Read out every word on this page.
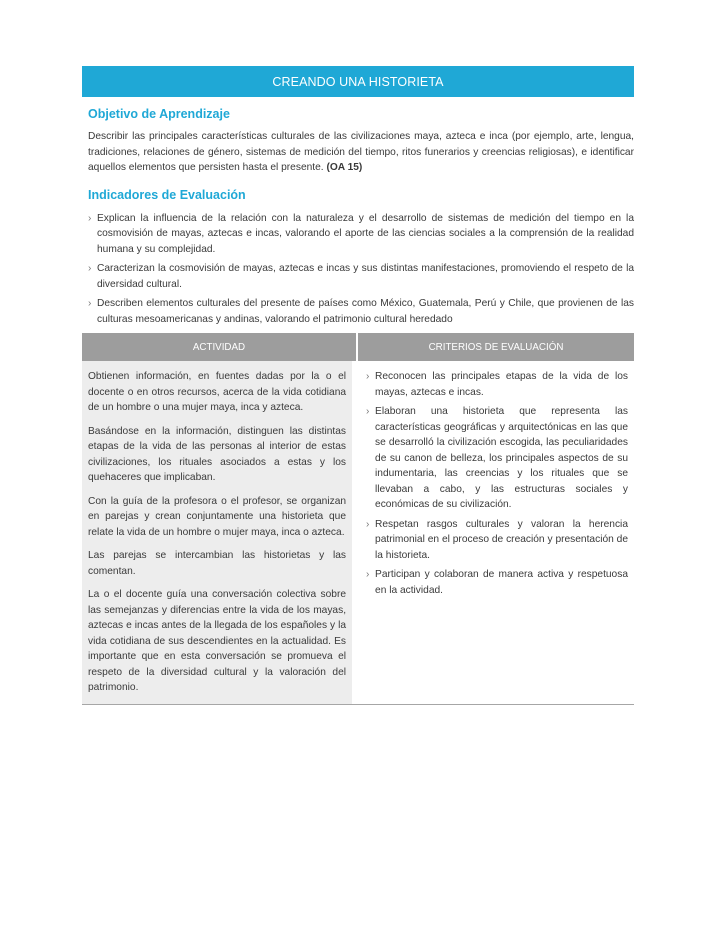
CREANDO UNA HISTORIETA
Objetivo de Aprendizaje

Describir las principales características culturales de las civilizaciones maya, azteca e inca (por ejemplo, arte, lengua, tradiciones, relaciones de género, sistemas de medición del tiempo, ritos funerarios y creencias religiosas), e identificar aquellos elementos que persisten hasta el presente. (OA 15)

Indicadores de Evaluación
› Explican la influencia de la relación con la naturaleza y el desarrollo de sistemas de medición del tiempo en la cosmovisión de mayas, aztecas e incas, valorando el aporte de las ciencias sociales a la comprensión de la realidad humana y su complejidad.
› Caracterizan la cosmovisión de mayas, aztecas e incas y sus distintas manifestaciones, promoviendo el respeto de la diversidad cultural.
› Describen elementos culturales del presente de países como México, Guatemala, Perú y Chile, que provienen de las culturas mesoamericanas y andinas, valorando el patrimonio cultural heredado
ACTIVIDAD	CRITERIOS DE EVALUACIÓN

Obtienen información, en fuentes dadas por la o el docente o en otros recursos, acerca de la vida cotidiana de un hombre o una mujer maya, inca y azteca.

Basándose en la información, distinguen las distintas etapas de la vida de las personas al interior de estas civilizaciones, los rituales asociados a estas y los quehaceres que implicaban.

Con la guía de la profesora o el profesor, se organizan en parejas y crean conjuntamente una historieta que relate la vida de un hombre o mujer maya, inca o azteca.

Las parejas se intercambian las historietas y las comentan.

La o el docente guía una conversación colectiva sobre las semejanzas y diferencias entre la vida de los mayas, aztecas e incas antes de la llegada de los españoles y la vida cotidiana de sus descendientes en la actualidad. Es importante que en esta conversación se promueva el respeto de la diversidad cultural y la valoración del patrimonio.

› Reconocen las principales etapas de la vida de los mayas, aztecas e incas.
› Elaboran una historieta que representa las características geográficas y arquitectónicas en las que se desarrolló la civilización escogida, las peculiaridades de su canon de belleza, los principales aspectos de su indumentaria, las creencias y los rituales que se llevaban a cabo, y las estructuras sociales y económicas de su civilización.
› Respetan rasgos culturales y valoran la herencia patrimonial en el proceso de creación y presentación de la historieta.
› Participan y colaboran de manera activa y respetuosa en la actividad.
